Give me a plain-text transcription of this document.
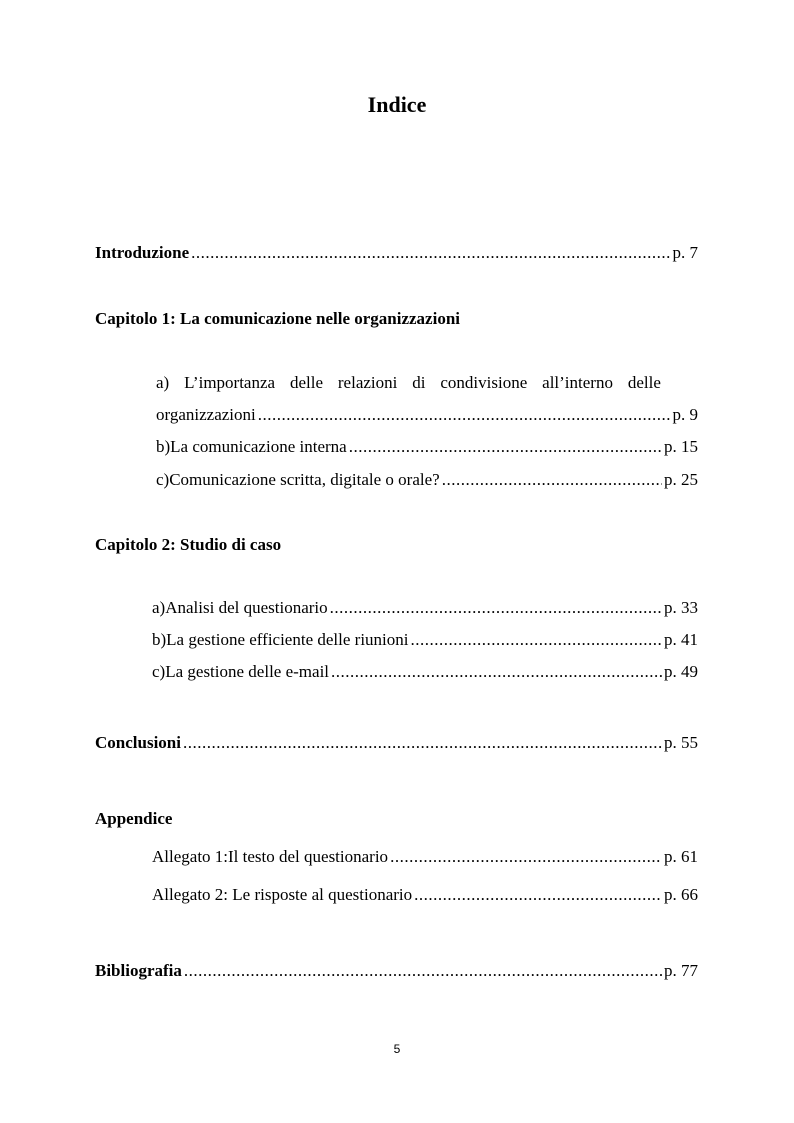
Indice
Introduzione .....	p. 7
Capitolo 1: La comunicazione nelle organizzazioni
a) L’importanza delle relazioni di condivisione all’interno delle
organizzazioni .....	p. 9
b) La comunicazione interna .....	p. 15
c) Comunicazione scritta, digitale o orale? .....	p. 25
Capitolo 2: Studio di caso
a) Analisi del questionario .....	p. 33
b) La gestione efficiente delle riunioni .....	p. 41
c) La gestione delle e-mail .....	p. 49
Conclusioni .....	p. 55
Appendice
Allegato 1:Il testo del questionario .....	p. 61
Allegato 2: Le risposte al questionario .....	p. 66
Bibliografia .....	p. 77
5
